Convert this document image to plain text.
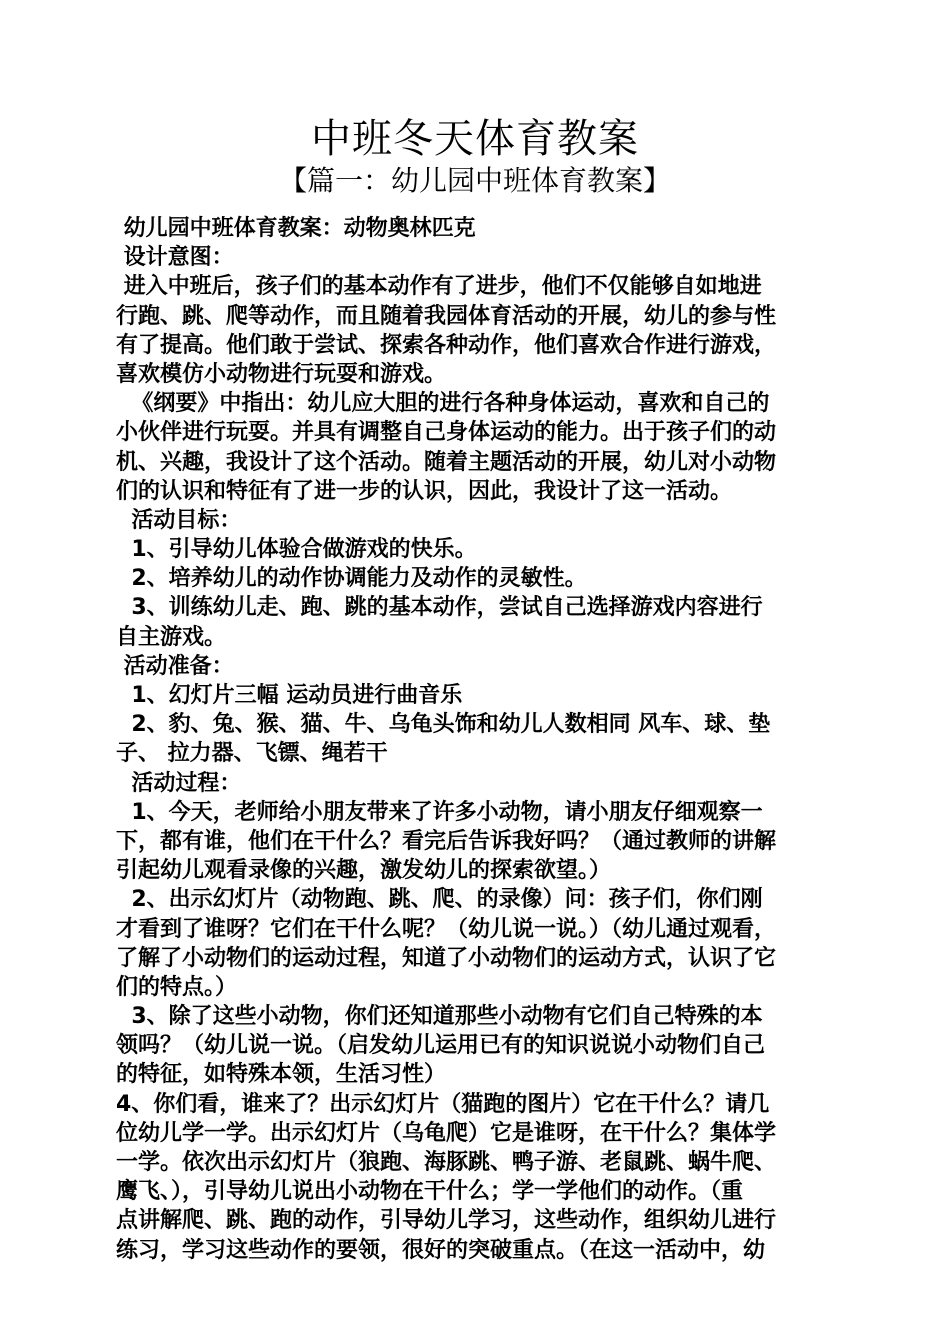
中班冬天体育教案
【篇一：幼儿园中班体育教案】
幼儿园中班体育教案：动物奥林匹克
设计意图：
进入中班后，孩子们的基本动作有了进步，他们不仅能够自如地进
行跑、跳、爬等动作，而且随着我园体育活动的开展，幼儿的参与性
有了提高。他们敢于尝试、探索各种动作，他们喜欢合作进行游戏，
喜欢模仿小动物进行玩耍和游戏。
《纲要》中指出：幼儿应大胆的进行各种身体运动，喜欢和自己的
小伙伴进行玩耍。并具有调整自己身体运动的能力。出于孩子们的动
机、兴趣，我设计了这个活动。随着主题活动的开展，幼儿对小动物
们的认识和特征有了进一步的认识，因此，我设计了这一活动。
活动目标：
1、引导幼儿体验合做游戏的快乐。
2、培养幼儿的动作协调能力及动作的灵敏性。
3、训练幼儿走、跑、跳的基本动作，尝试自己选择游戏内容进行
自主游戏。
活动准备：
1、幻灯片三幅 运动员进行曲音乐
2、豹、兔、猴、猫、牛、乌龟头饰和幼儿人数相同 风车、球、垫
子、 拉力器、飞镖、绳若干
活动过程：
1、今天，老师给小朋友带来了许多小动物，请小朋友仔细观察一
下，都有谁，他们在干什么？看完后告诉我好吗？（通过教师的讲解
引起幼儿观看录像的兴趣，激发幼儿的探索欲望。）
2、出示幻灯片（动物跑、跳、爬、的录像）问：孩子们，你们刚
才看到了谁呀？它们在干什么呢？（幼儿说一说。）（幼儿通过观看，
了解了小动物们的运动过程，知道了小动物们的运动方式，认识了它
们的特点。）
3、除了这些小动物，你们还知道那些小动物有它们自己特殊的本
领吗？（幼儿说一说。（启发幼儿运用已有的知识说说小动物们自己
的特征，如特殊本领，生活习性）
4、你们看，谁来了？出示幻灯片（猫跑的图片）它在干什么？请几
位幼儿学一学。出示幻灯片（乌龟爬）它是谁呀，在干什么？集体学
一学。依次出示幻灯片（狼跑、海豚跳、鸭子游、老鼠跳、蜗牛爬、
鹰飞、），引导幼儿说出小动物在干什么；学一学他们的动作。（重
点讲解爬、跳、跑的动作，引导幼儿学习，这些动作，组织幼儿进行
练习，学习这些动作的要领，很好的突破重点。（在这一活动中，幼
